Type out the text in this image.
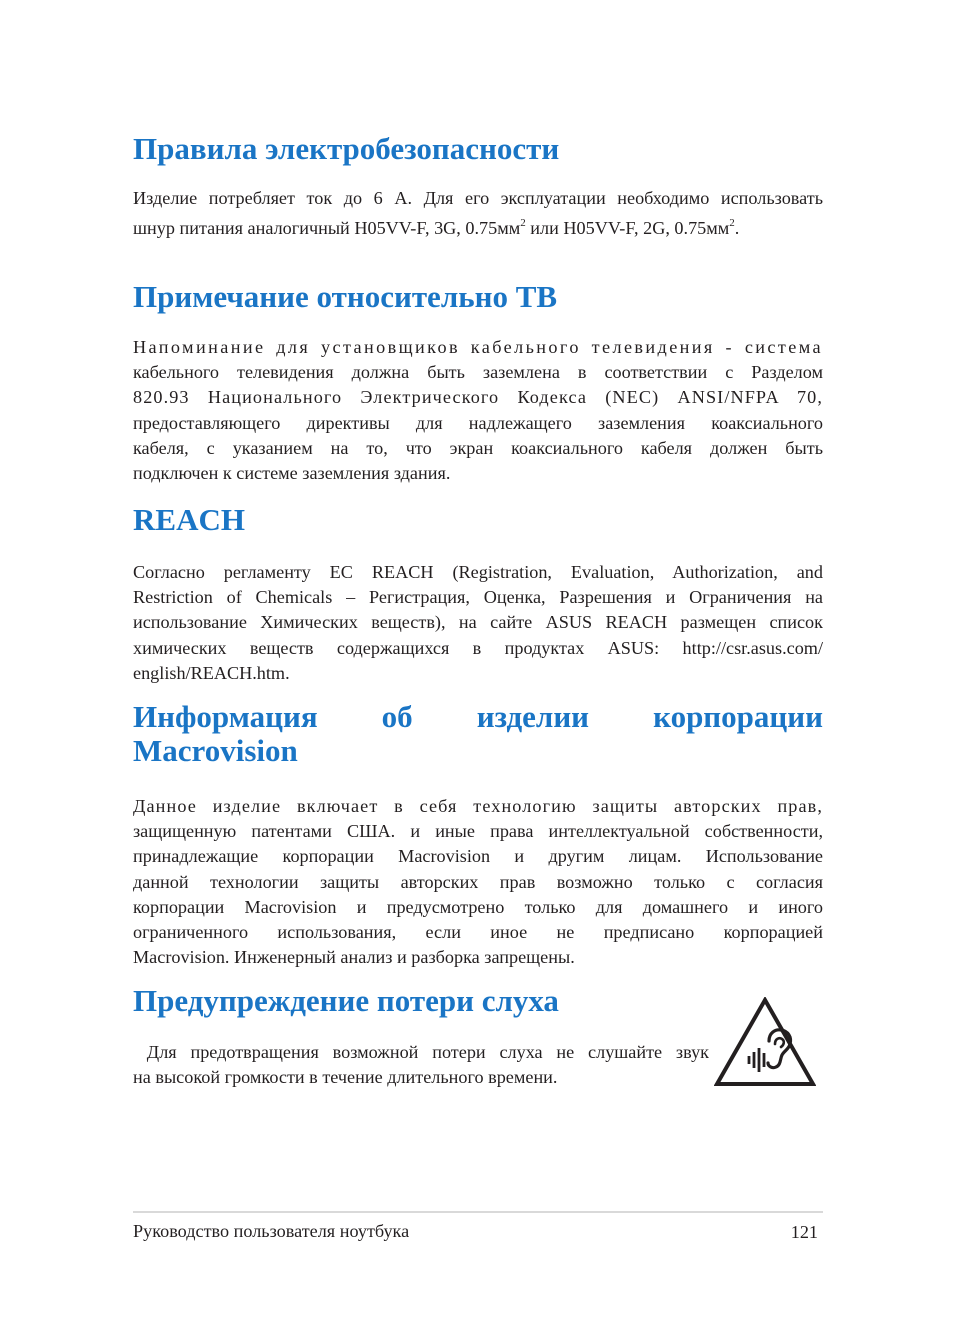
Правила электробезопасности
Изделие потребляет ток до 6 A. Для его эксплуатации необходимо использовать
шнур питания аналогичный H05VV-F, 3G, $0.75мм^2$ или H05VV-F, 2G, $0.75мм^2$.
Примечание относительно ТВ
Напоминание для установщиков кабельного телевидения - система
кабельного телевидения должна быть заземлена в соответствии с Разделом
820.93 Национального Электрического Кодекса (NEC) ANSI/NFPA 70,
предоставляющего директивы для надлежащего заземления коаксиального
кабеля, с указанием на то, что экран коаксиального кабеля должен быть
подключен к системе заземления здания.
REACH
Согласно регламенту ЕС REACH (Registration, Evaluation, Authorization, and
Restriction of Chemicals – Регистрация, Оценка, Разрешения и Ограничения на
использование Химических веществ), на сайте ASUS REACH размещен список
химических веществ содержащихся в продуктах ASUS: http://csr.asus.com/
english/REACH.htm.
Информация об изделии корпорации
Macrovision
Данное изделие включает в себя технологию защиты авторских прав,
защищенную патентами США. и иные права интеллектуальной собственности,
принадлежащие корпорации Macrovision и другим лицам. Использование
данной технологии защиты авторских прав возможно только с согласия
корпорации Macrovision и предусмотрено только для домашнего и иного
ограниченного использования, если иное не предписано корпорацией
Macrovision. Инженерный анализ и разборка запрещены.
Предупреждение потери слуха
Для предотвращения возможной потери слуха не слушайте звук
на высокой громкости в течение длительного времени.
Руководство пользователя ноутбука	121
